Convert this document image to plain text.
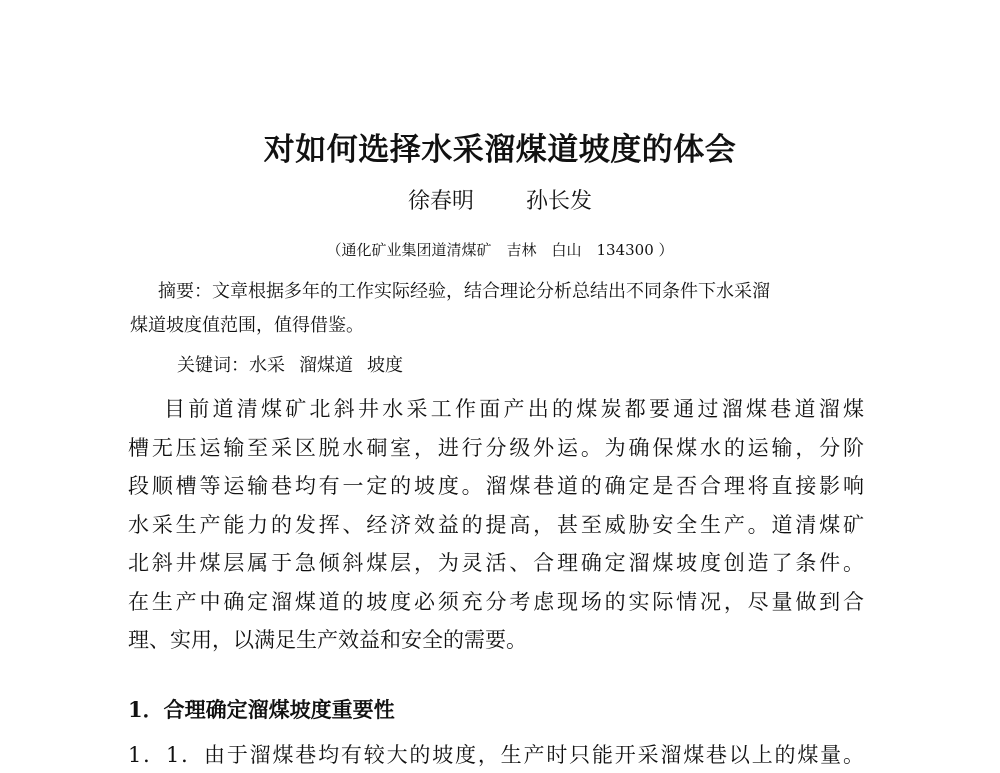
对如何选择水采溜煤道坡度的体会
徐春明 孙长发
（通化矿业集团道清煤矿　吉林　白山　134300 ）
摘要：文章根据多年的工作实际经验，结合理论分析总结出不同条件下水采溜
煤道坡度值范围，值得借鉴。
关键词：水采 溜煤道 坡度
目前道清煤矿北斜井水采工作面产出的煤炭都要通过溜煤巷道溜煤
槽无压运输至采区脱水硐室，进行分级外运。为确保煤水的运输，分阶
段顺槽等运输巷均有一定的坡度。溜煤巷道的确定是否合理将直接影响
水采生产能力的发挥、经济效益的提高，甚至威胁安全生产。道清煤矿
北斜井煤层属于急倾斜煤层，为灵活、合理确定溜煤坡度创造了条件。
在生产中确定溜煤道的坡度必须充分考虑现场的实际情况，尽量做到合
理、实用，以满足生产效益和安全的需要。
1．合理确定溜煤坡度重要性
1．1．由于溜煤巷均有较大的坡度，生产时只能开采溜煤巷以上的煤量。
